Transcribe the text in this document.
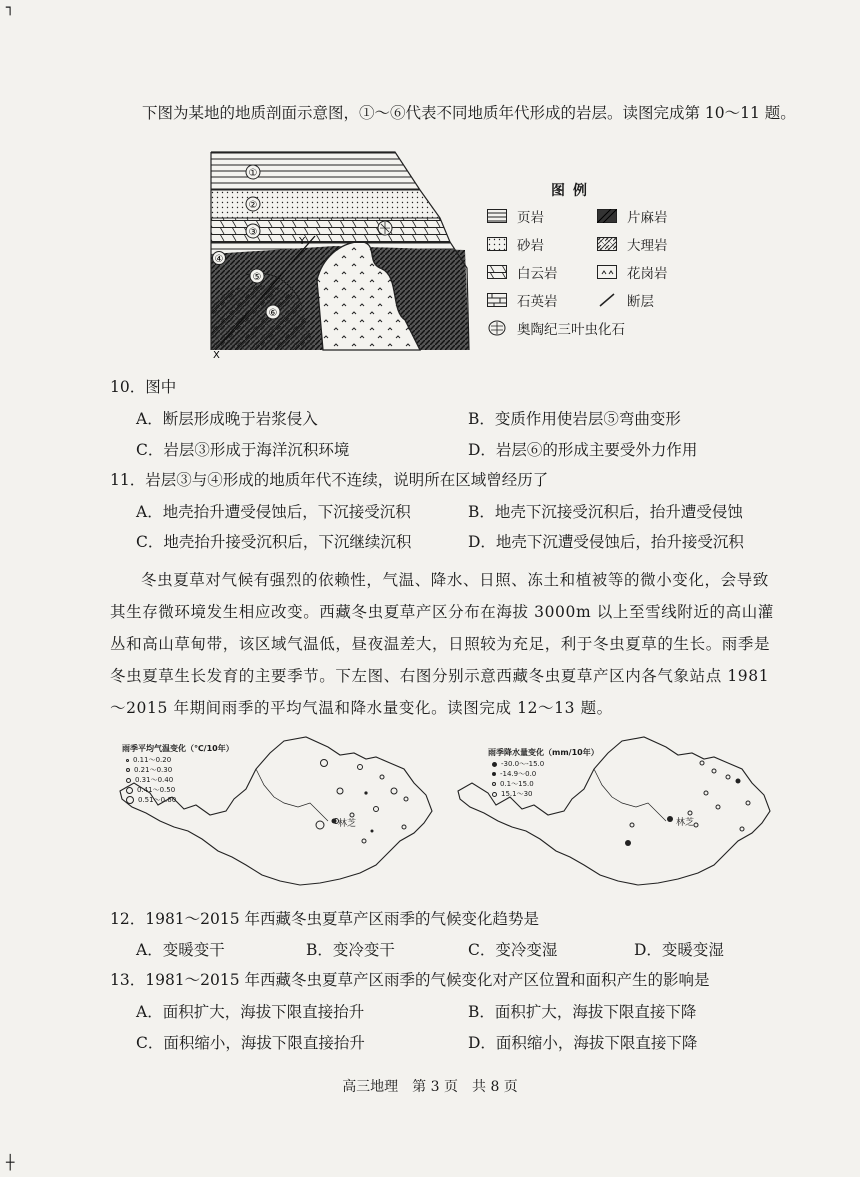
┐
┼
下图为某地的地质剖面示意图，①～⑥代表不同地质年代形成的岩层。读图完成第 10～11 题。
①
②
③
④
⑤
⑥
Y
X
图例
页岩	片麻岩
砂岩	大理岩
白云岩	花岗岩
石英岩	断层
奥陶纪三叶虫化石
10．图中
A．断层形成晚于岩浆侵入	B．变质作用使岩层⑤弯曲变形
C．岩层③形成于海洋沉积环境	D．岩层⑥的形成主要受外力作用
11．岩层③与④形成的地质年代不连续，说明所在区域曾经历了
A．地壳抬升遭受侵蚀后，下沉接受沉积	B．地壳下沉接受沉积后，抬升遭受侵蚀
C．地壳抬升接受沉积后，下沉继续沉积	D．地壳下沉遭受侵蚀后，抬升接受沉积
冬虫夏草对气候有强烈的依赖性，气温、降水、日照、冻土和植被等的微小变化，会导致其生存微环境发生相应改变。西藏冬虫夏草产区分布在海拔 3000m 以上至雪线附近的高山灌丛和高山草甸带，该区域气温低，昼夜温差大，日照较为充足，利于冬虫夏草的生长。雨季是冬虫夏草生长发育的主要季节。下左图、右图分别示意西藏冬虫夏草产区内各气象站点 1981～2015 年期间雨季的平均气温和降水量变化。读图完成 12～13 题。
雨季平均气温变化（℃/10年）
0.11～0.20
0.21～0.30
0.31～0.40
0.41～0.50
0.51～0.60
林芝
雨季降水量变化（mm/10年）
-30.0～-15.0
-14.9～0.0
0.1～15.0
15.1～30
林芝
12．1981～2015 年西藏冬虫夏草产区雨季的气候变化趋势是
A．变暖变干	B．变冷变干	C．变冷变湿	D．变暖变湿
13．1981～2015 年西藏冬虫夏草产区雨季的气候变化对产区位置和面积产生的影响是
A．面积扩大，海拔下限直接抬升	B．面积扩大，海拔下限直接下降
C．面积缩小，海拔下限直接抬升	D．面积缩小，海拔下限直接下降
高三地理　第 3 页　共 8 页
